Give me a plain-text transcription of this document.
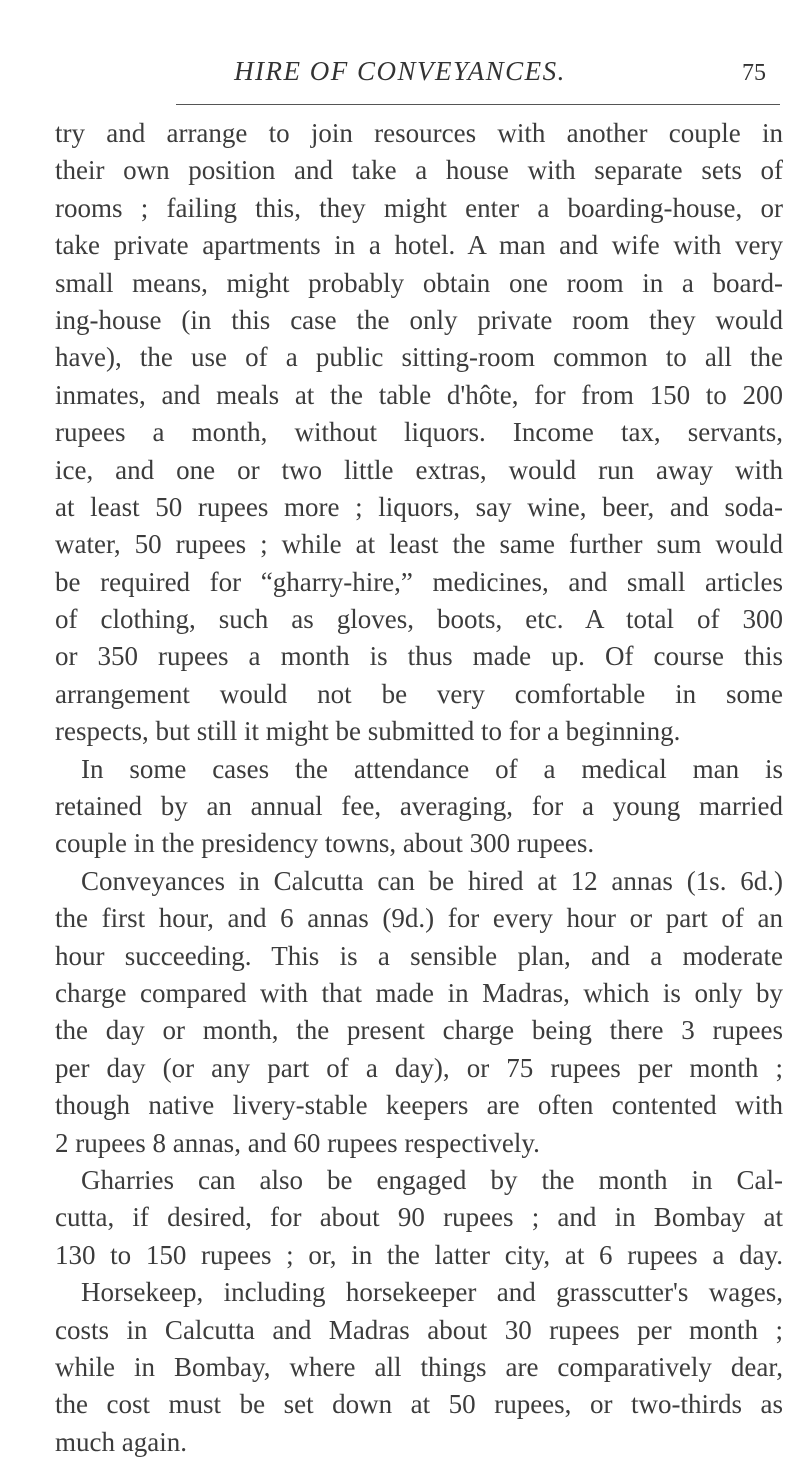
HIRE OF CONVEYANCES.	75
try and arrange to join resources with another couple in
their own position and take a house with separate sets of
rooms ; failing this, they might enter a boarding-house, or
take private apartments in a hotel. A man and wife with very
small means, might probably obtain one room in a board-
ing-house (in this case the only private room they would
have), the use of a public sitting-room common to all the
inmates, and meals at the table d'hôte, for from 150 to 200
rupees a month, without liquors. Income tax, servants,
ice, and one or two little extras, would run away with
at least 50 rupees more ; liquors, say wine, beer, and soda-
water, 50 rupees ; while at least the same further sum would
be required for “gharry-hire,” medicines, and small articles
of clothing, such as gloves, boots, etc. A total of 300
or 350 rupees a month is thus made up. Of course this
arrangement would not be very comfortable in some
respects, but still it might be submitted to for a beginning.
In some cases the attendance of a medical man is
retained by an annual fee, averaging, for a young married
couple in the presidency towns, about 300 rupees.
Conveyances in Calcutta can be hired at 12 annas (1s. 6d.)
the first hour, and 6 annas (9d.) for every hour or part of an
hour succeeding. This is a sensible plan, and a moderate
charge compared with that made in Madras, which is only by
the day or month, the present charge being there 3 rupees
per day (or any part of a day), or 75 rupees per month ;
though native livery-stable keepers are often contented with
2 rupees 8 annas, and 60 rupees respectively.
Gharries can also be engaged by the month in Cal-
cutta, if desired, for about 90 rupees ; and in Bombay at
130 to 150 rupees ; or, in the latter city, at 6 rupees a day.
Horsekeep, including horsekeeper and grasscutter's wages,
costs in Calcutta and Madras about 30 rupees per month ;
while in Bombay, where all things are comparatively dear,
the cost must be set down at 50 rupees, or two-thirds as
much again.
